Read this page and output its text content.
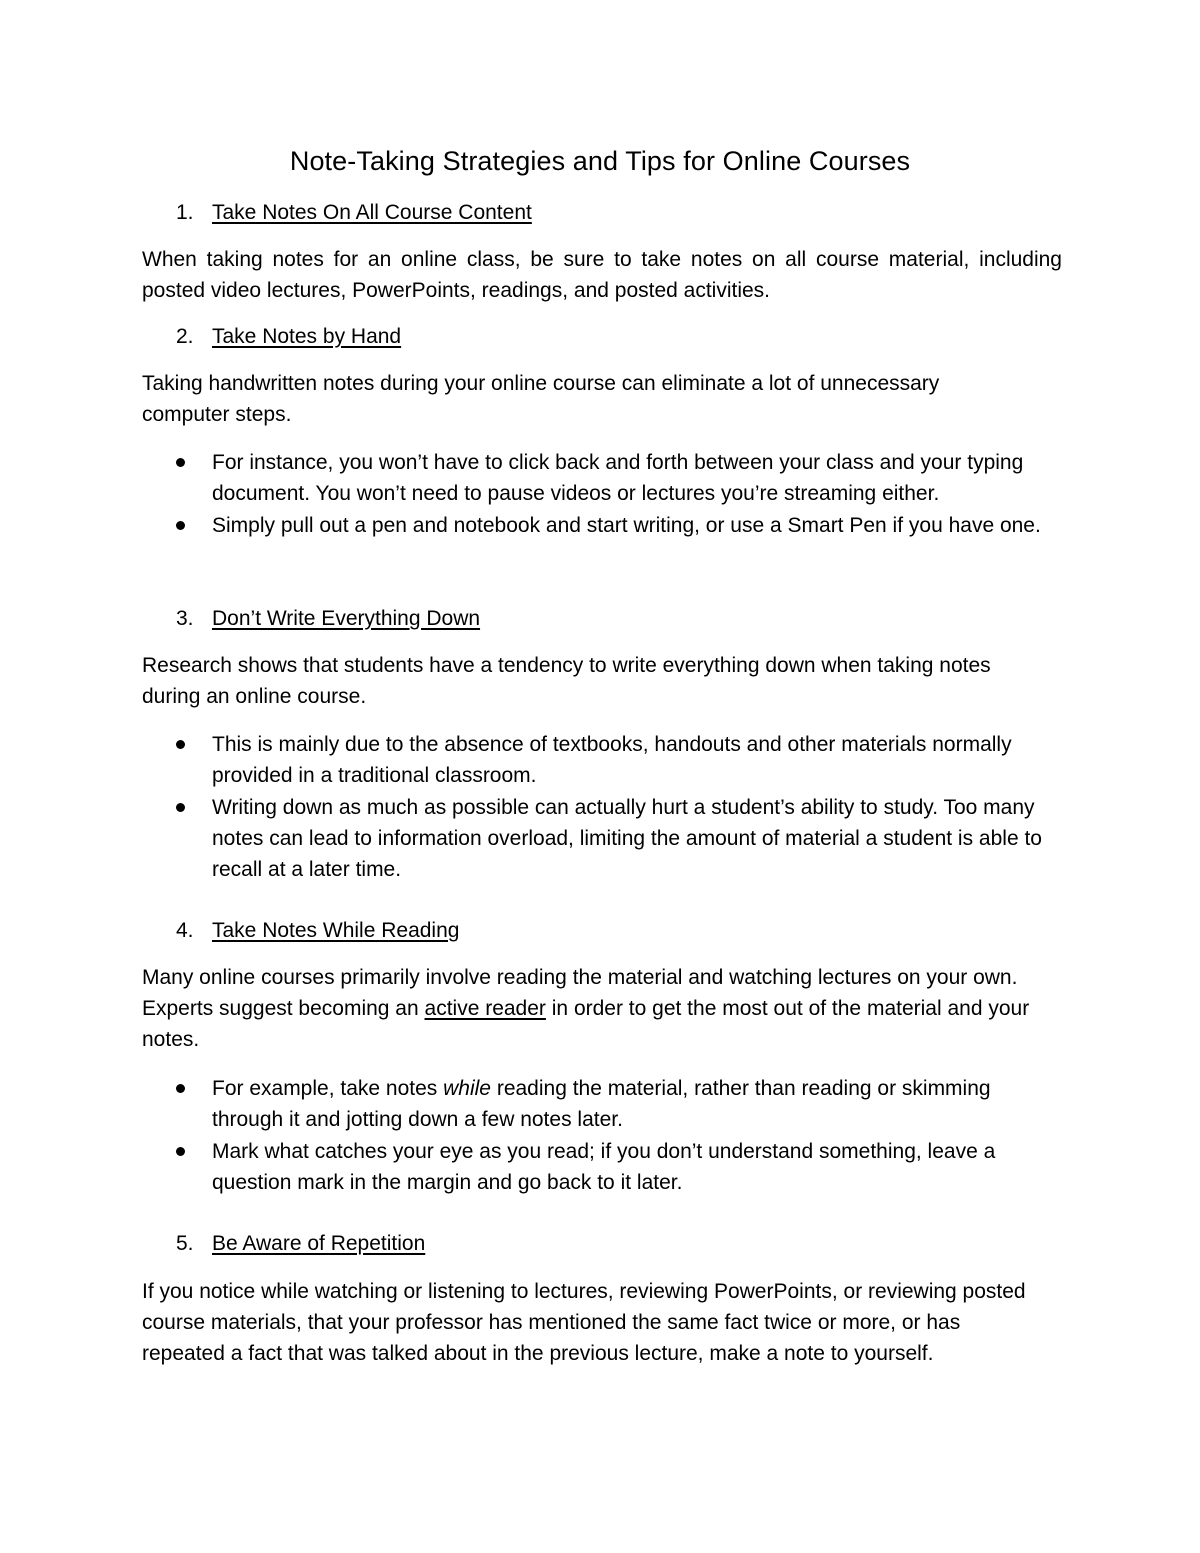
Note-Taking Strategies and Tips for Online Courses
1. Take Notes On All Course Content

When taking notes for an online class, be sure to take notes on all course material, including posted video lectures, PowerPoints, readings, and posted activities.

2. Take Notes by Hand

Taking handwritten notes during your online course can eliminate a lot of unnecessary computer steps.

For instance, you won’t have to click back and forth between your class and your typing document. You won’t need to pause videos or lectures you’re streaming either.
Simply pull out a pen and notebook and start writing, or use a Smart Pen if you have one.
3. Don’t Write Everything Down

Research shows that students have a tendency to write everything down when taking notes during an online course.

This is mainly due to the absence of textbooks, handouts and other materials normally provided in a traditional classroom.
Writing down as much as possible can actually hurt a student’s ability to study. Too many notes can lead to information overload, limiting the amount of material a student is able to recall at a later time.
4. Take Notes While Reading

Many online courses primarily involve reading the material and watching lectures on your own. Experts suggest becoming an active reader in order to get the most out of the material and your notes.

For example, take notes while reading the material, rather than reading or skimming through it and jotting down a few notes later.
Mark what catches your eye as you read; if you don’t understand something, leave a question mark in the margin and go back to it later.
5. Be Aware of Repetition

If you notice while watching or listening to lectures, reviewing PowerPoints, or reviewing posted course materials, that your professor has mentioned the same fact twice or more, or has repeated a fact that was talked about in the previous lecture, make a note to yourself.
